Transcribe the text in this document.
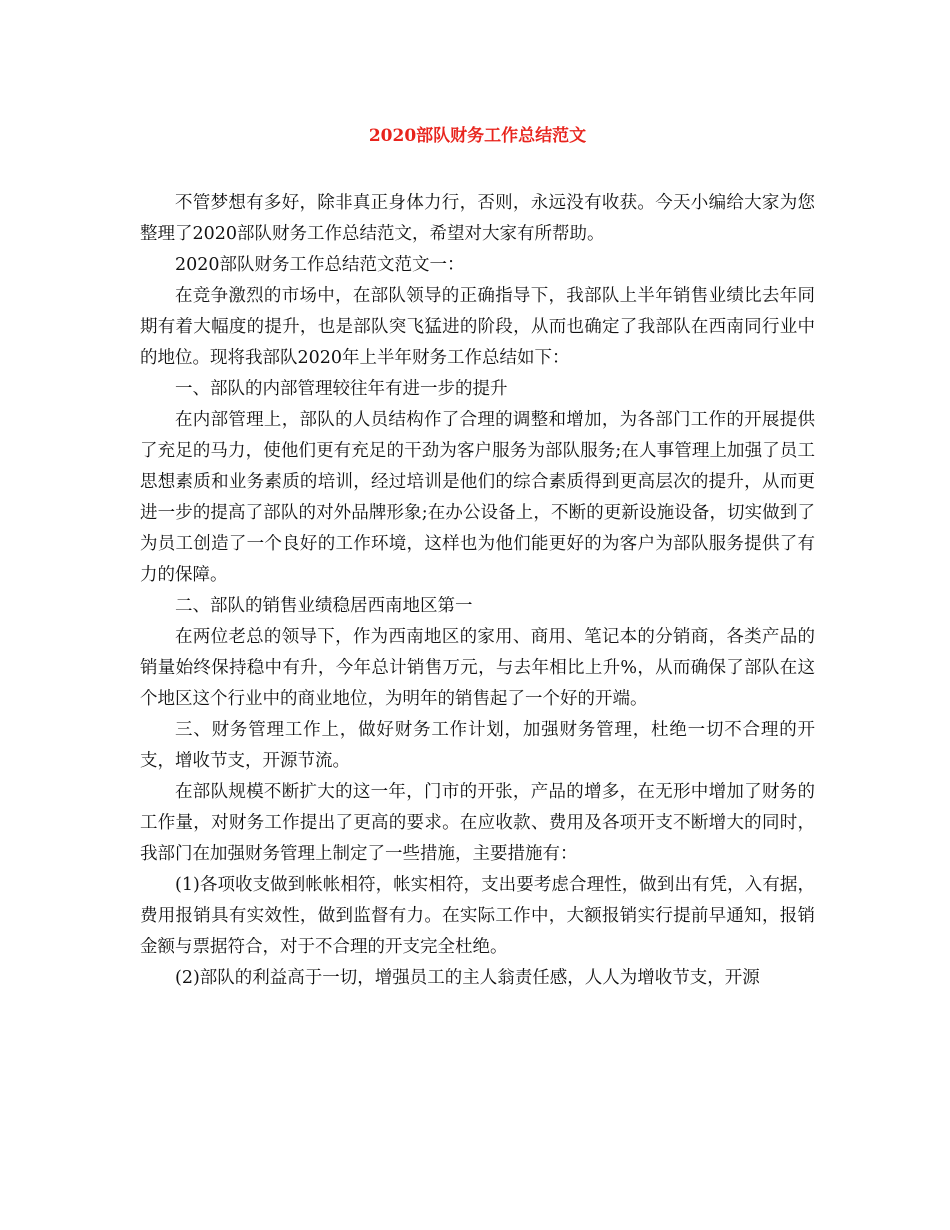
2020部队财务工作总结范文

不管梦想有多好，除非真正身体力行，否则，永远没有收获。今天小编给大家为您整理了2020部队财务工作总结范文，希望对大家有所帮助。

2020部队财务工作总结范文范文一：

在竞争激烈的市场中，在部队领导的正确指导下，我部队上半年销售业绩比去年同期有着大幅度的提升，也是部队突飞猛进的阶段，从而也确定了我部队在西南同行业中的地位。现将我部队2020年上半年财务工作总结如下：

一、部队的内部管理较往年有进一步的提升

在内部管理上，部队的人员结构作了合理的调整和增加，为各部门工作的开展提供了充足的马力，使他们更有充足的干劲为客户服务为部队服务;在人事管理上加强了员工思想素质和业务素质的培训，经过培训是他们的综合素质得到更高层次的提升，从而更进一步的提高了部队的对外品牌形象;在办公设备上，不断的更新设施设备，切实做到了为员工创造了一个良好的工作环境，这样也为他们能更好的为客户为部队服务提供了有力的保障。

二、部队的销售业绩稳居西南地区第一

在两位老总的领导下，作为西南地区的家用、商用、笔记本的分销商，各类产品的销量始终保持稳中有升，今年总计销售万元，与去年相比上升%，从而确保了部队在这个地区这个行业中的商业地位，为明年的销售起了一个好的开端。

三、财务管理工作上，做好财务工作计划，加强财务管理，杜绝一切不合理的开支，增收节支，开源节流。

在部队规模不断扩大的这一年，门市的开张，产品的增多，在无形中增加了财务的工作量，对财务工作提出了更高的要求。在应收款、费用及各项开支不断增大的同时，我部门在加强财务管理上制定了一些措施，主要措施有：

(1)各项收支做到帐帐相符，帐实相符，支出要考虑合理性，做到出有凭，入有据，费用报销具有实效性，做到监督有力。在实际工作中，大额报销实行提前早通知，报销金额与票据符合，对于不合理的开支完全杜绝。

(2)部队的利益高于一切，增强员工的主人翁责任感，人人为增收节支，开源
